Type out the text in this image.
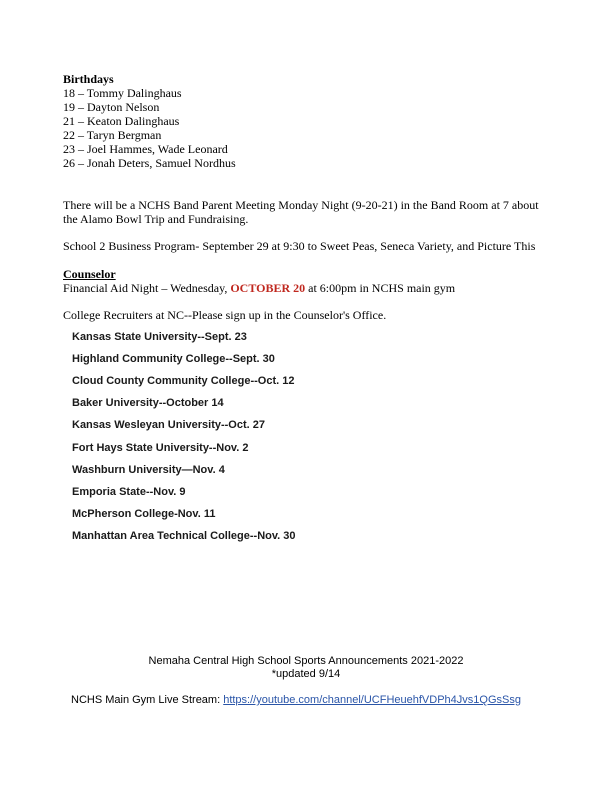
Birthdays
18 – Tommy Dalinghaus
19 – Dayton Nelson
21 – Keaton Dalinghaus
22 – Taryn Bergman
23 – Joel Hammes, Wade Leonard
26 – Jonah Deters, Samuel Nordhus
There will be a NCHS Band Parent Meeting Monday Night (9-20-21) in the Band Room at 7 about
the Alamo Bowl Trip and Fundraising.
School 2 Business Program- September 29 at 9:30 to Sweet Peas, Seneca Variety, and Picture This
Counselor
Financial Aid Night – Wednesday, OCTOBER 20 at 6:00pm in NCHS main gym
College Recruiters at NC--Please sign up in the Counselor's Office.
Kansas State University--Sept. 23
Highland Community College--Sept. 30
Cloud County Community College--Oct. 12
Baker University--October 14
Kansas Wesleyan University--Oct. 27
Fort Hays State University--Nov. 2
Washburn University—Nov. 4
Emporia State--Nov. 9
McPherson College-Nov. 11
Manhattan Area Technical College--Nov. 30
Nemaha Central High School Sports Announcements 2021-2022
*updated 9/14
NCHS Main Gym Live Stream: https://youtube.com/channel/UCFHeuehfVDPh4Jvs1QGsSsg
